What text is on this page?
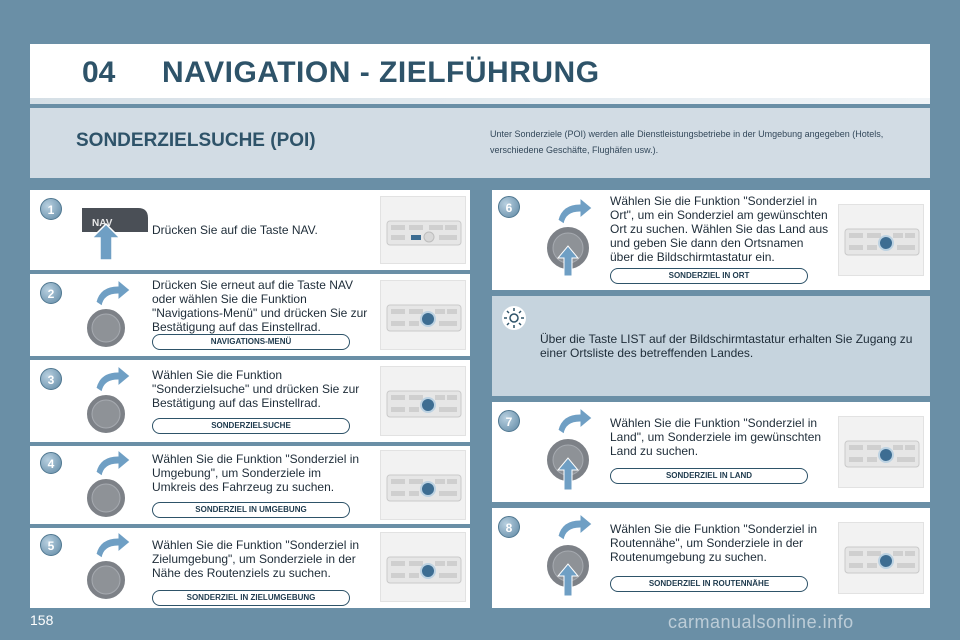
04 NAVIGATION - ZIELFÜHRUNG
SONDERZIELSUCHE (POI)	Unter Sonderziele (POI) werden alle Dienstleistungsbetriebe in der Umgebung angegeben (Hotels, verschiedene Geschäfte, Flughäfen usw.).
1
NAV	Drücken Sie auf die Taste NAV.
2
Drücken Sie erneut auf die Taste NAV oder wählen Sie die Funktion "Navigations-Menü" und drücken Sie zur Bestätigung auf das Einstellrad.
NAVIGATIONS-MENÜ
3	Wählen Sie die Funktion "Sonderzielsuche" und drücken Sie zur Bestätigung auf das Einstellrad.
SONDERZIELSUCHE
4	Wählen Sie die Funktion "Sonderziel in Umgebung", um Sonderziele im Umkreis des Fahrzeug zu suchen.
SONDERZIEL IN UMGEBUNG
5	Wählen Sie die Funktion "Sonderziel in Zielumgebung", um Sonderziele in der Nähe des Routenziels zu suchen.
SONDERZIEL IN ZIELUMGEBUNG
6	Wählen Sie die Funktion "Sonderziel in Ort", um ein Sonderziel am gewünschten Ort zu suchen. Wählen Sie das Land aus und geben Sie dann den Ortsnamen über die Bildschirmtastatur ein.
SONDERZIEL IN ORT
Über die Taste LIST auf der Bildschirmtastatur erhalten Sie Zugang zu einer Ortsliste des betreffenden Landes.
7	Wählen Sie die Funktion "Sonderziel in Land", um Sonderziele im gewünschten Land zu suchen.
SONDERZIEL IN LAND
8	Wählen Sie die Funktion "Sonderziel in Routennähe", um Sonderziele in der Routenumgebung zu suchen.
SONDERZIEL IN ROUTENNÄHE
158	carmanualsonline.info
